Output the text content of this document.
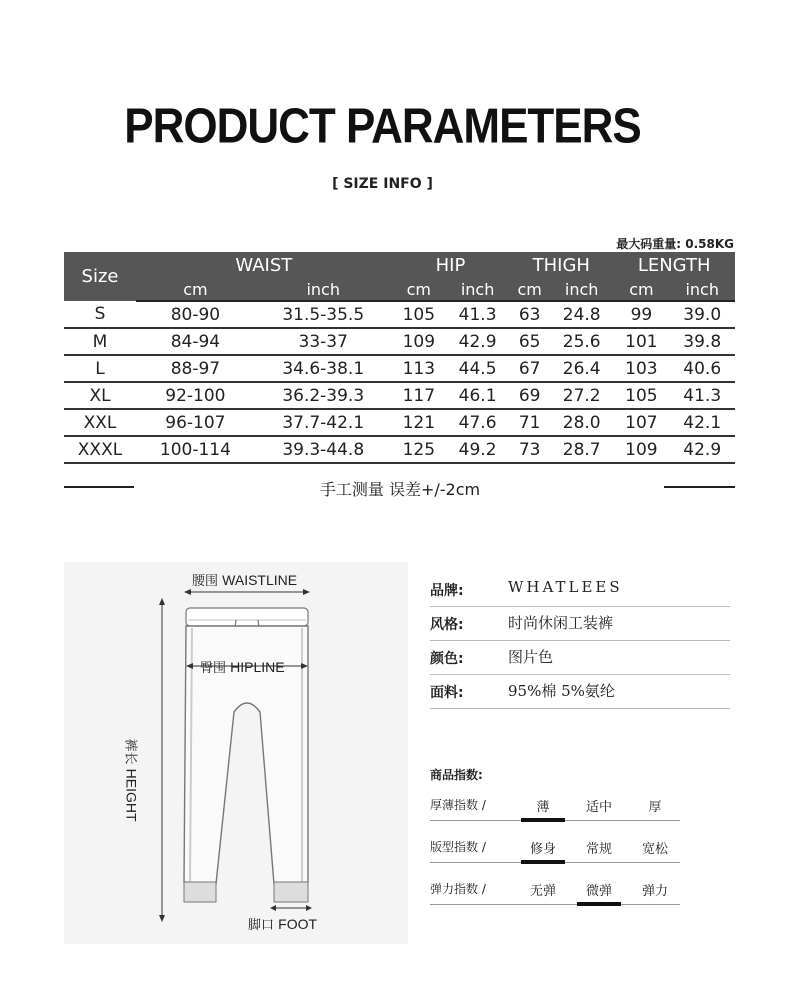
PRODUCT PARAMETERS
[ SIZE INFO ]
最大码重量: 0.58KG
Size	WAIST		HIP		THIGH		LENGTH	
	cm	inch	cm	inch	cm	inch	cm	inch
S	80-90	31.5-35.5	105	41.3	63	24.8	99	39.0
M	84-94	33-37	109	42.9	65	25.6	101	39.8
L	88-97	34.6-38.1	113	44.5	67	26.4	103	40.6
XL	92-100	36.2-39.3	117	46.1	69	27.2	105	41.3
XXL	96-107	37.7-42.1	121	47.6	71	28.0	107	42.1
XXXL	100-114	39.3-44.8	125	49.2	73	28.7	109	42.9
手工测量 误差+/-2cm
腰围 WAISTLINE
臀围 HIPLINE
裤长 HEIGHT
脚口 FOOT
品牌:	WHATLEES
风格:	时尚休闲工装裤
颜色:	图片色
面料:	95%棉 5%氨纶
商品指数:
厚薄指数 /	薄	适中	厚
版型指数 /	修身	常规	宽松
弹力指数 /	无弹	微弹	弹力
